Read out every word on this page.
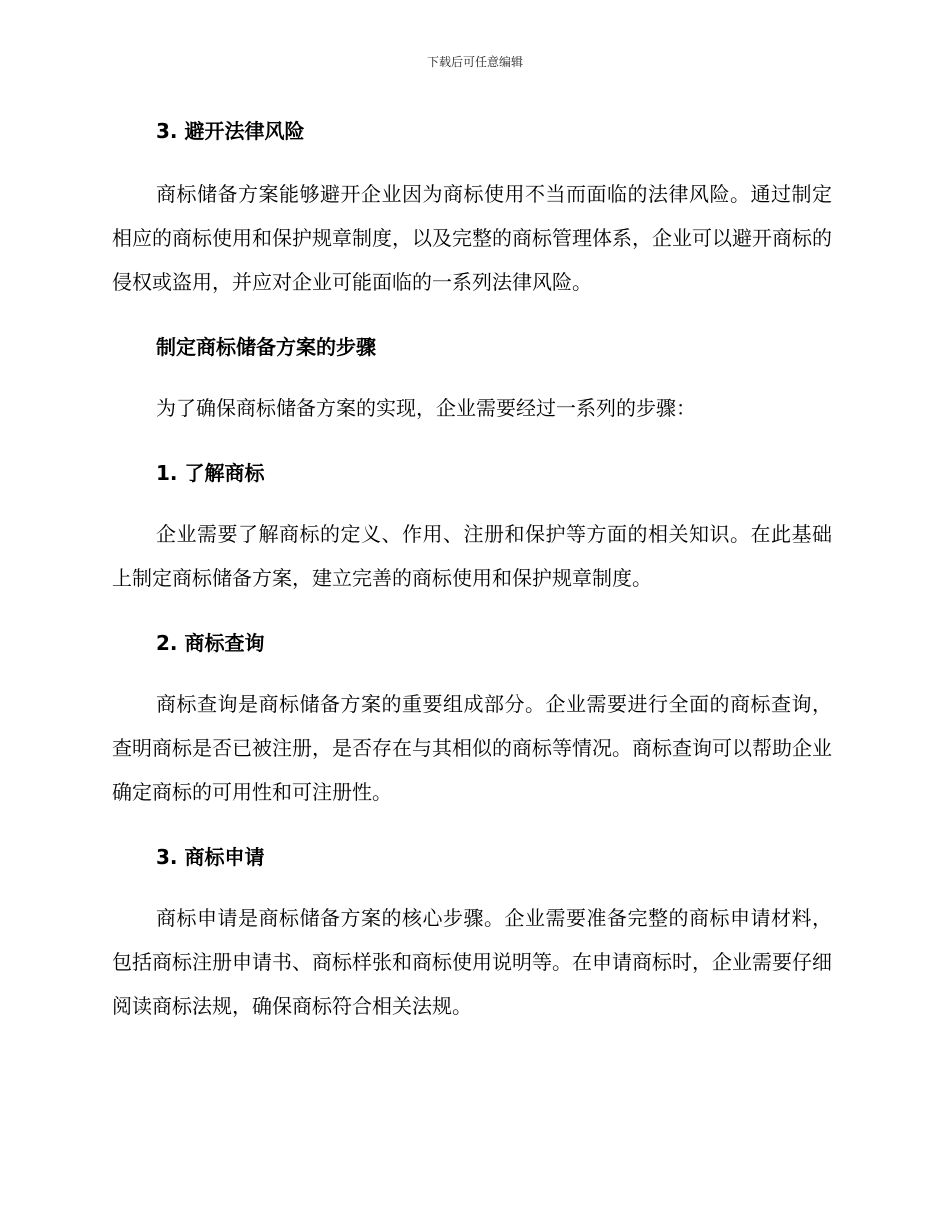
下载后可任意编辑
3. 避开法律风险

商标储备方案能够避开企业因为商标使用不当而面临的法律风险。通过制定相应的商标使用和保护规章制度，以及完整的商标管理体系，企业可以避开商标的侵权或盗用，并应对企业可能面临的一系列法律风险。

制定商标储备方案的步骤

为了确保商标储备方案的实现，企业需要经过一系列的步骤：

1. 了解商标

企业需要了解商标的定义、作用、注册和保护等方面的相关知识。在此基础上制定商标储备方案，建立完善的商标使用和保护规章制度。

2. 商标查询

商标查询是商标储备方案的重要组成部分。企业需要进行全面的商标查询，查明商标是否已被注册，是否存在与其相似的商标等情况。商标查询可以帮助企业确定商标的可用性和可注册性。

3. 商标申请

商标申请是商标储备方案的核心步骤。企业需要准备完整的商标申请材料，包括商标注册申请书、商标样张和商标使用说明等。在申请商标时，企业需要仔细阅读商标法规，确保商标符合相关法规。
